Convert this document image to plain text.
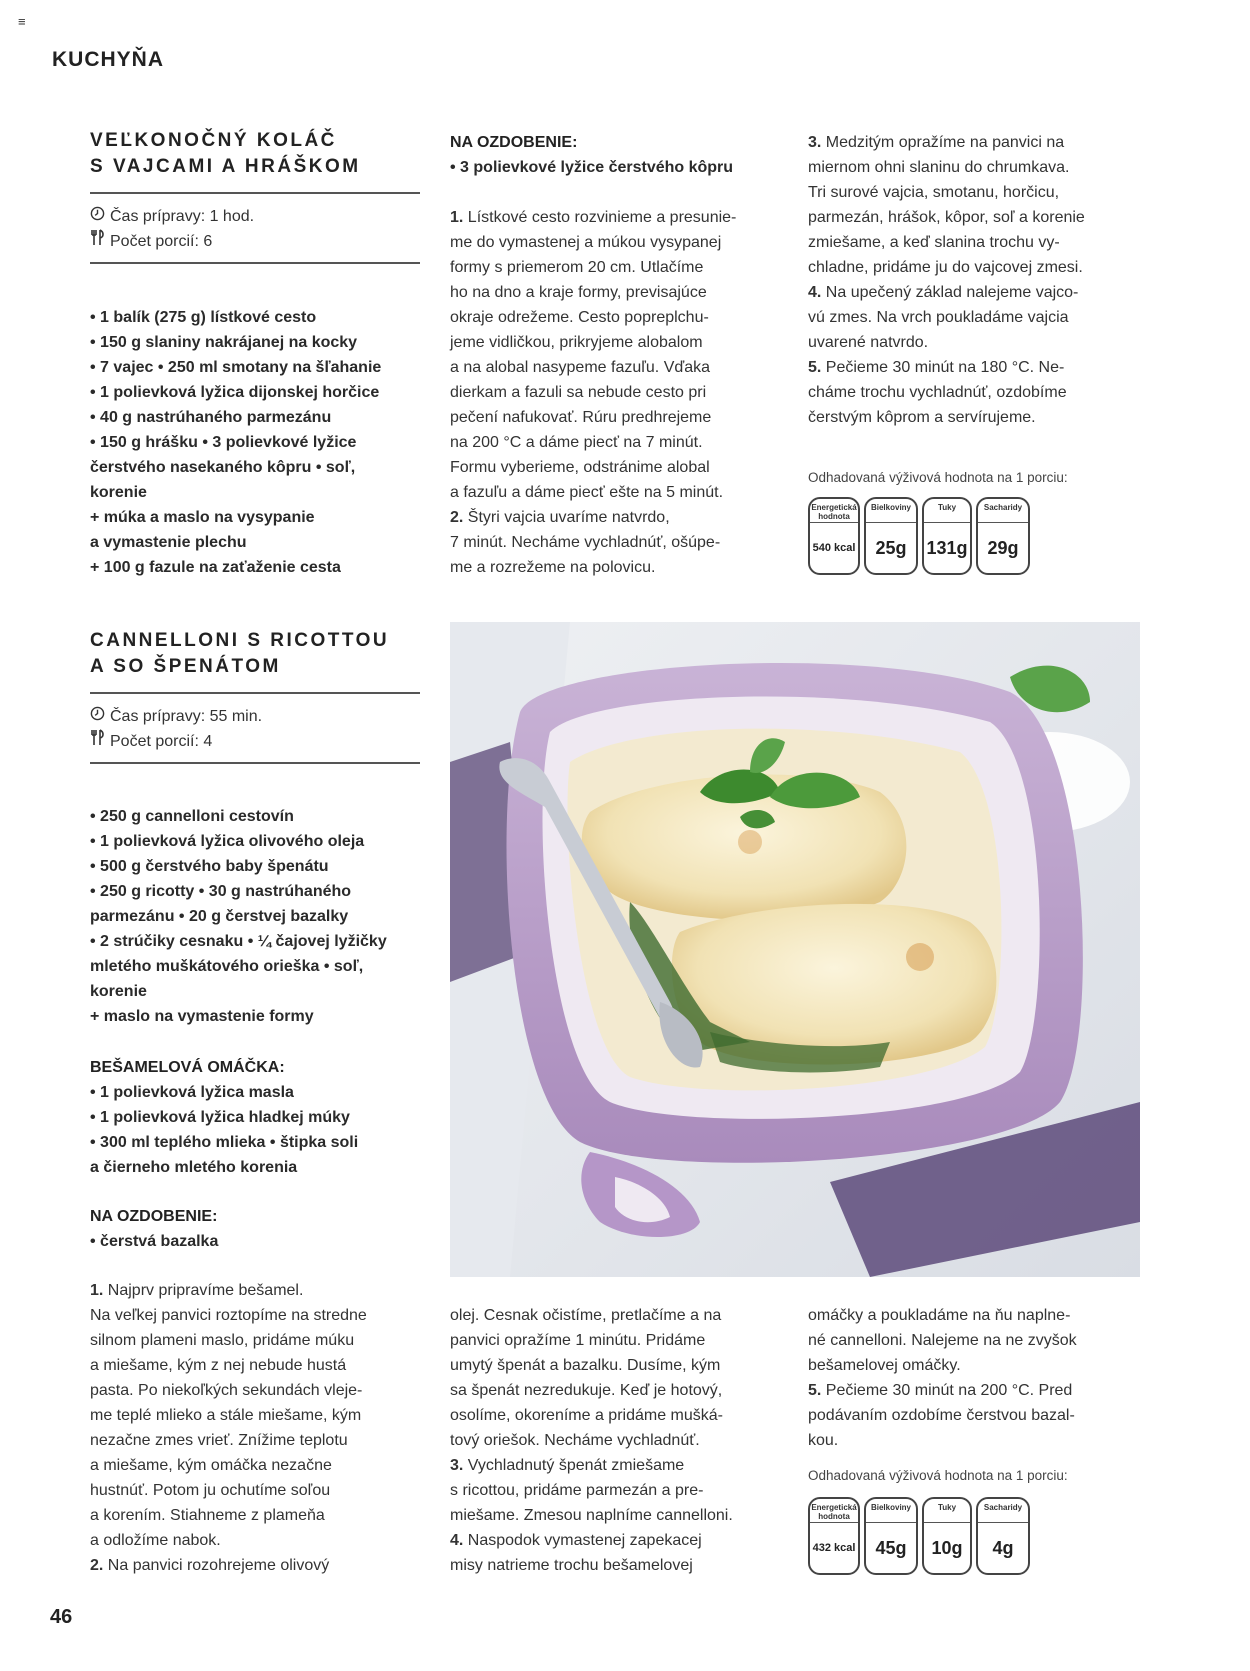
≡
KUCHYŇA
VEĽKONOČNÝ KOLÁČ
S VAJCAMI A HRÁŠKOM
Čas prípravy: 1 hod.
Počet porcií: 6
• 1 balík (275 g) lístkové cesto
• 150 g slaniny nakrájanej na kocky
• 7 vajec • 250 ml smotany na šľahanie
• 1 polievková lyžica dijonskej horčice
• 40 g nastrúhaného parmezánu
• 150 g hrášku • 3 polievkové lyžice
čerstvého nasekaného kôpru • soľ,
korenie
+ múka a maslo na vysypanie
a vymastenie plechu
+ 100 g fazule na zaťaženie cesta
NA OZDOBENIE:
• 3 polievkové lyžice čerstvého kôpru

1. Lístkové cesto rozvinieme a presunie-

me do vymastenej a múkou vysypanej

formy s priemerom 20 cm. Utlačíme

ho na dno a kraje formy, previsajúce

okraje odrežeme. Cesto popreplchu-

jeme vidličkou, prikryjeme alobalom

a na alobal nasypeme fazuľu. Vďaka

dierkam a fazuli sa nebude cesto pri

pečení nafukovať. Rúru predhrejeme

na 200 °C a dáme piecť na 7 minút.

Formu vyberieme, odstránime alobal

a fazuľu a dáme piecť ešte na 5 minút.

2. Štyri vajcia uvaríme natvrdo,

7 minút. Necháme vychladnúť, ošúpe-

me a rozrežeme na polovicu.

3. Medzitým opražíme na panvici na

miernom ohni slaninu do chrumkava.

Tri surové vajcia, smotanu, horčicu,

parmezán, hrášok, kôpor, soľ a korenie

zmiešame, a keď slanina trochu vy-

chladne, pridáme ju do vajcovej zmesi.

4. Na upečený základ nalejeme vajco-

vú zmes. Na vrch poukladáme vajcia

uvarené natvrdo.

5. Pečieme 30 minút na 180 °C. Ne-

cháme trochu vychladnúť, ozdobíme

čerstvým kôprom a servírujeme.

Odhadovaná výživová hodnota na 1 porciu:
Energetická hodnota
540 kcal
Bielkoviny
25g
Tuky
131g
Sacharidy
29g
CANNELLONI S RICOTTOU
A SO ŠPENÁTOM
Čas prípravy: 55 min.
Počet porcií: 4
• 250 g cannelloni cestovín
• 1 polievková lyžica olivového oleja
• 500 g čerstvého baby špenátu
• 250 g ricotty • 30 g nastrúhaného
parmezánu • 20 g čerstvej bazalky
• 2 strúčiky cesnaku • ¼ čajovej lyžičky
mletého muškátového orieška • soľ,
korenie
+ maslo na vymastenie formy
BEŠAMELOVÁ OMÁČKA:
• 1 polievková lyžica masla
• 1 polievková lyžica hladkej múky
• 300 ml teplého mlieka • štipka soli
a čierneho mletého korenia
NA OZDOBENIE:
• čerstvá bazalka

1. Najprv pripravíme bešamel.

Na veľkej panvici roztopíme na stredne

silnom plameni maslo, pridáme múku

a miešame, kým z nej nebude hustá

pasta. Po niekoľkých sekundách vleje-

me teplé mlieko a stále miešame, kým

nezačne zmes vrieť. Znížime teplotu

a miešame, kým omáčka nezačne

hustnúť. Potom ju ochutíme soľou

a korením. Stiahneme z plameňa

a odložíme nabok.

2. Na panvici rozohrejeme olivový

olej. Cesnak očistíme, pretlačíme a na

panvici opražíme 1 minútu. Pridáme

umytý špenát a bazalku. Dusíme, kým

sa špenát nezredukuje. Keď je hotový,

osolíme, okoreníme a pridáme mušká-

tový oriešok. Necháme vychladnúť.

3. Vychladnutý špenát zmiešame

s ricottou, pridáme parmezán a pre-

miešame. Zmesou naplníme cannelloni.

4. Naspodok vymastenej zapekacej

misy natrieme trochu bešamelovej

omáčky a poukladáme na ňu naplne-

né cannelloni. Nalejeme na ne zvyšok

bešamelovej omáčky.

5. Pečieme 30 minút na 200 °C. Pred

podávaním ozdobíme čerstvou bazal-

kou.

Odhadovaná výživová hodnota na 1 porciu:
Energetická hodnota
432 kcal
Bielkoviny
45g
Tuky
10g
Sacharidy
4g
46
